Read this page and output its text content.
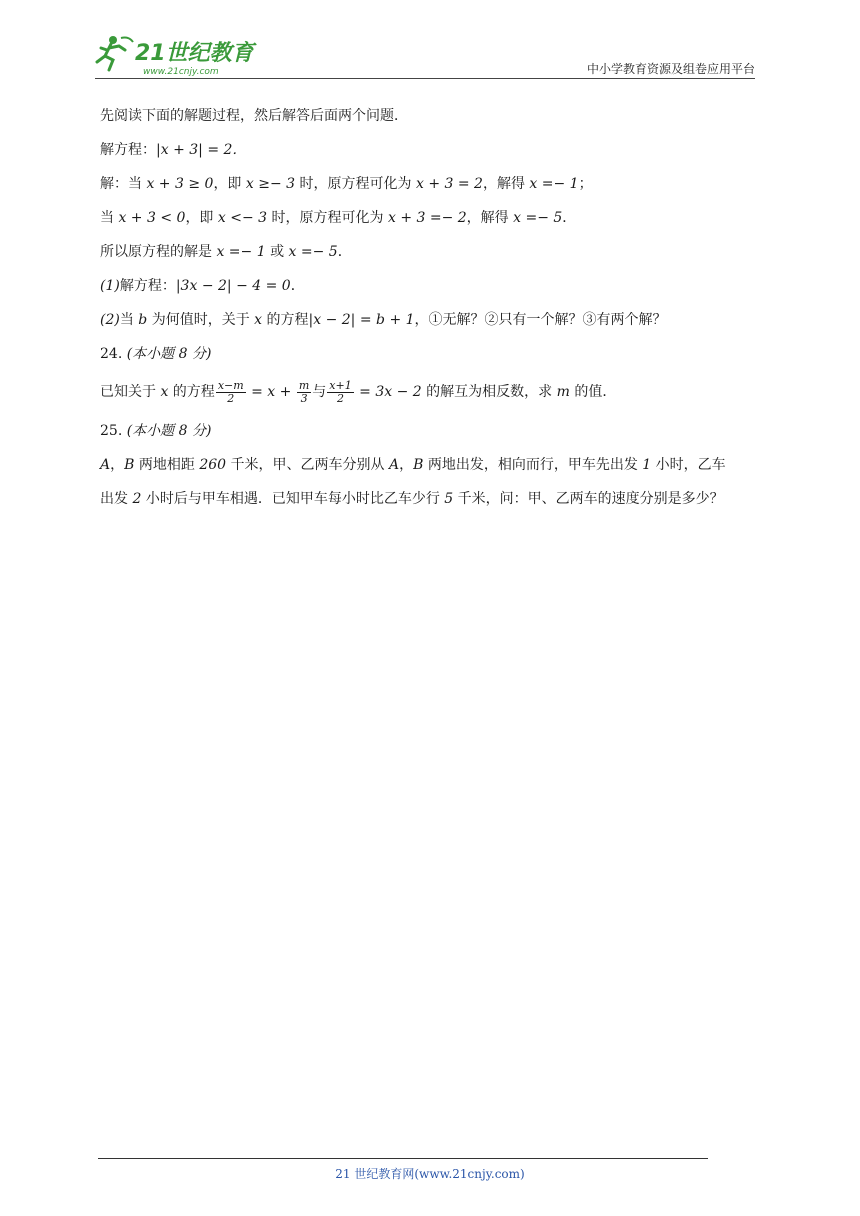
21世纪教育
www.21cnjy.com	中小学教育资源及组卷应用平台
先阅读下面的解题过程，然后解答后面两个问题．
解方程：|x + 3| = 2．
解：当 x + 3 ≥ 0，即 x ≥− 3 时，原方程可化为 x + 3 = 2，解得 x =− 1；
当 x + 3 < 0，即 x <− 3 时，原方程可化为 x + 3 =− 2，解得 x =− 5．
所以原方程的解是 x =− 1 或 x =− 5．
(1)解方程：|3x − 2| − 4 = 0．
(2)当 b 为何值时，关于 x 的方程|x − 2| = b + 1，①无解？②只有一个解？③有两个解？
24. (本小题 8 分)
已知关于 x 的方程 $\frac{x-m}{2} = x + \frac{m}{3}$ 与 $\frac{x+1}{2} = 3x - 2$ 的解互为相反数，求 m 的值．
25. (本小题 8 分)
A，B 两地相距 260 千米，甲、乙两车分别从 A，B 两地出发，相向而行，甲车先出发 1 小时，乙车
出发 2 小时后与甲车相遇．已知甲车每小时比乙车少行 5 千米，问：甲、乙两车的速度分别是多少？
21 世纪教育网(www.21cnjy.com)
